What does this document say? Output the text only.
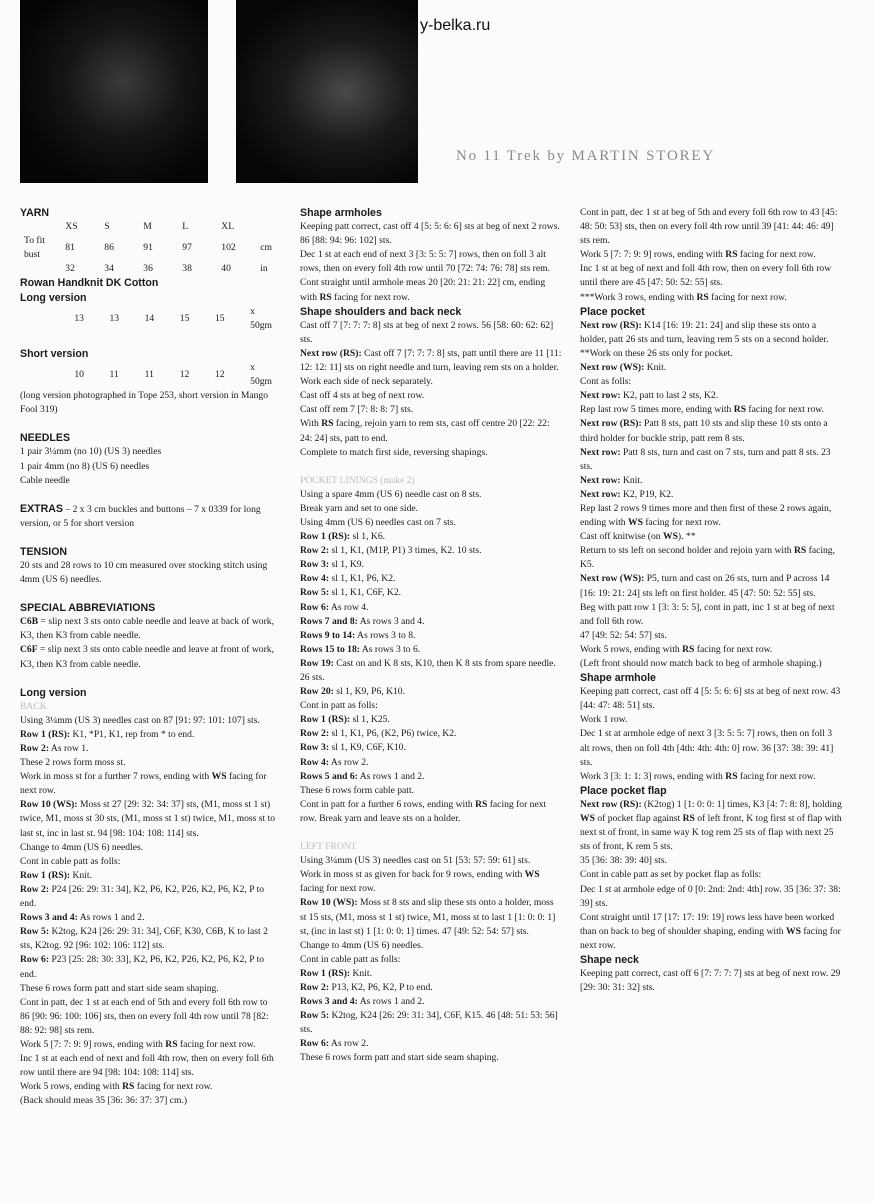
y-belka.ru
No 11 Trek by MARTIN STOREY
YARN
	XS	S	M	L	XL	
To fit bust	81	86	91	97	102	cm
	32	34	36	38	40	in
Rowan Handknit DK Cotton
Long version
	13	13	14	15	15	x 50gm
Short version
	10	11	11	12	12	x 50gm

(long version photographed in Tope 253, short version in Mango Fool 319)

NEEDLES

1 pair 3¼mm (no 10) (US 3) needles

1 pair 4mm (no 8) (US 6) needles

Cable needle

EXTRAS – 2 x 3 cm buckles and buttons – 7 x 0339 for long version, or 5 for short version

TENSION

20 sts and 28 rows to 10 cm measured over stocking stitch using 4mm (US 6) needles.

SPECIAL ABBREVIATIONS

C6B = slip next 3 sts onto cable needle and leave at back of work, K3, then K3 from cable needle.

C6F = slip next 3 sts onto cable needle and leave at front of work, K3, then K3 from cable needle.

Long version
BACK

Using 3¼mm (US 3) needles cast on 87 [91: 97: 101: 107] sts.

Row 1 (RS): K1, *P1, K1, rep from * to end.

Row 2: As row 1.

These 2 rows form moss st.

Work in moss st for a further 7 rows, ending with WS facing for next row.

Row 10 (WS): Moss st 27 [29: 32: 34: 37] sts, (M1, moss st 1 st) twice, M1, moss st 30 sts, (M1, moss st 1 st) twice, M1, moss st to last st, inc in last st. 94 [98: 104: 108: 114] sts.

Change to 4mm (US 6) needles.

Cont in cable patt as folls:

Row 1 (RS): Knit.

Row 2: P24 [26: 29: 31: 34], K2, P6, K2, P26, K2, P6, K2, P to end.

Rows 3 and 4: As rows 1 and 2.

Row 5: K2tog, K24 [26: 29: 31: 34], C6F, K30, C6B, K to last 2 sts, K2tog. 92 [96: 102: 106: 112] sts.

Row 6: P23 [25: 28: 30: 33], K2, P6, K2, P26, K2, P6, K2, P to end.

These 6 rows form patt and start side seam shaping.

Cont in patt, dec 1 st at each end of 5th and every foll 6th row to 86 [90: 96: 100: 106] sts, then on every foll 4th row until 78 [82: 88: 92: 98] sts rem.

Work 5 [7: 7: 9: 9] rows, ending with RS facing for next row.

Inc 1 st at each end of next and foll 4th row, then on every foll 6th row until there are 94 [98: 104: 108: 114] sts.

Work 5 rows, ending with RS facing for next row.

(Back should meas 35 [36: 36: 37: 37] cm.)

Shape armholes

Keeping patt correct, cast off 4 [5: 5: 6: 6] sts at beg of next 2 rows. 86 [88: 94: 96: 102] sts.

Dec 1 st at each end of next 3 [3: 5: 5: 7] rows, then on foll 3 alt rows, then on every foll 4th row until 70 [72: 74: 76: 78] sts rem.

Cont straight until armhole meas 20 [20: 21: 21: 22] cm, ending with RS facing for next row.

Shape shoulders and back neck

Cast off 7 [7: 7: 7: 8] sts at beg of next 2 rows. 56 [58: 60: 62: 62] sts.

Next row (RS): Cast off 7 [7: 7: 7: 8] sts, patt until there are 11 [11: 12: 12: 11] sts on right needle and turn, leaving rem sts on a holder.

Work each side of neck separately.

Cast off 4 sts at beg of next row.

Cast off rem 7 [7: 8: 8: 7] sts.

With RS facing, rejoin yarn to rem sts, cast off centre 20 [22: 22: 24: 24] sts, patt to end.

Complete to match first side, reversing shapings.

POCKET LININGS (make 2)

Using a spare 4mm (US 6) needle cast on 8 sts.

Break yarn and set to one side.

Using 4mm (US 6) needles cast on 7 sts.

Row 1 (RS): sl 1, K6.

Row 2: sl 1, K1, (M1P, P1) 3 times, K2. 10 sts.

Row 3: sl 1, K9.

Row 4: sl 1, K1, P6, K2.

Row 5: sl 1, K1, C6F, K2.

Row 6: As row 4.

Rows 7 and 8: As rows 3 and 4.

Rows 9 to 14: As rows 3 to 8.

Rows 15 to 18: As rows 3 to 6.

Row 19: Cast on and K 8 sts, K10, then K 8 sts from spare needle. 26 sts.

Row 20: sl 1, K9, P6, K10.

Cont in patt as folls:

Row 1 (RS): sl 1, K25.

Row 2: sl 1, K1, P6, (K2, P6) twice, K2.

Row 3: sl 1, K9, C6F, K10.

Row 4: As row 2.

Rows 5 and 6: As rows 1 and 2.

These 6 rows form cable patt.

Cont in patt for a further 6 rows, ending with RS facing for next row. Break yarn and leave sts on a holder.

LEFT FRONT

Using 3¼mm (US 3) needles cast on 51 [53: 57: 59: 61] sts.

Work in moss st as given for back for 9 rows, ending with WS facing for next row.

Row 10 (WS): Moss st 8 sts and slip these sts onto a holder, moss st 15 sts, (M1, moss st 1 st) twice, M1, moss st to last 1 [1: 0: 0: 1] st, (inc in last st) 1 [1: 0: 0: 1] times. 47 [49: 52: 54: 57] sts.

Change to 4mm (US 6) needles.

Cont in cable patt as folls:

Row 1 (RS): Knit.

Row 2: P13, K2, P6, K2, P to end.

Rows 3 and 4: As rows 1 and 2.

Row 5: K2tog, K24 [26: 29: 31: 34], C6F, K15. 46 [48: 51: 53: 56] sts.

Row 6: As row 2.

These 6 rows form patt and start side seam shaping.

Cont in patt, dec 1 st at beg of 5th and every foll 6th row to 43 [45: 48: 50: 53] sts, then on every foll 4th row until 39 [41: 44: 46: 49] sts rem.

Work 5 [7: 7: 9: 9] rows, ending with RS facing for next row.

Inc 1 st at beg of next and foll 4th row, then on every foll 6th row until there are 45 [47: 50: 52: 55] sts.

***Work 3 rows, ending with RS facing for next row.

Place pocket

Next row (RS): K14 [16: 19: 21: 24] and slip these sts onto a holder, patt 26 sts and turn, leaving rem 5 sts on a second holder.

**Work on these 26 sts only for pocket.

Next row (WS): Knit.

Cont as folls:

Next row: K2, patt to last 2 sts, K2.

Rep last row 5 times more, ending with RS facing for next row.

Next row (RS): Patt 8 sts, patt 10 sts and slip these 10 sts onto a third holder for buckle strip, patt rem 8 sts.

Next row: Patt 8 sts, turn and cast on 7 sts, turn and patt 8 sts. 23 sts.

Next row: Knit.

Next row: K2, P19, K2.

Rep last 2 rows 9 times more and then first of these 2 rows again, ending with WS facing for next row.

Cast off knitwise (on WS). **

Return to sts left on second holder and rejoin yarn with RS facing, K5.

Next row (WS): P5, turn and cast on 26 sts, turn and P across 14 [16: 19: 21: 24] sts left on first holder. 45 [47: 50: 52: 55] sts.

Beg with patt row 1 [3: 3: 5: 5], cont in patt, inc 1 st at beg of next and foll 6th row.

47 [49: 52: 54: 57] sts.

Work 5 rows, ending with RS facing for next row.

(Left front should now match back to beg of armhole shaping.)

Shape armhole

Keeping patt correct, cast off 4 [5: 5: 6: 6] sts at beg of next row. 43 [44: 47: 48: 51] sts.

Work 1 row.

Dec 1 st at armhole edge of next 3 [3: 5: 5: 7] rows, then on foll 3 alt rows, then on foll 4th [4th: 4th: 4th: 0] row. 36 [37: 38: 39: 41] sts.

Work 3 [3: 1: 1: 3] rows, ending with RS facing for next row.

Place pocket flap

Next row (RS): (K2tog) 1 [1: 0: 0: 1] times, K3 [4: 7: 8: 8], holding WS of pocket flap against RS of left front, K tog first st of flap with next st of front, in same way K tog rem 25 sts of flap with next 25 sts of front, K rem 5 sts.

35 [36: 38: 39: 40] sts.

Cont in cable patt as set by pocket flap as folls:

Dec 1 st at armhole edge of 0 [0: 2nd: 2nd: 4th] row. 35 [36: 37: 38: 39] sts.

Cont straight until 17 [17: 17: 19: 19] rows less have been worked than on back to beg of shoulder shaping, ending with WS facing for next row.

Shape neck

Keeping patt correct, cast off 6 [7: 7: 7: 7] sts at beg of next row. 29 [29: 30: 31: 32] sts.
